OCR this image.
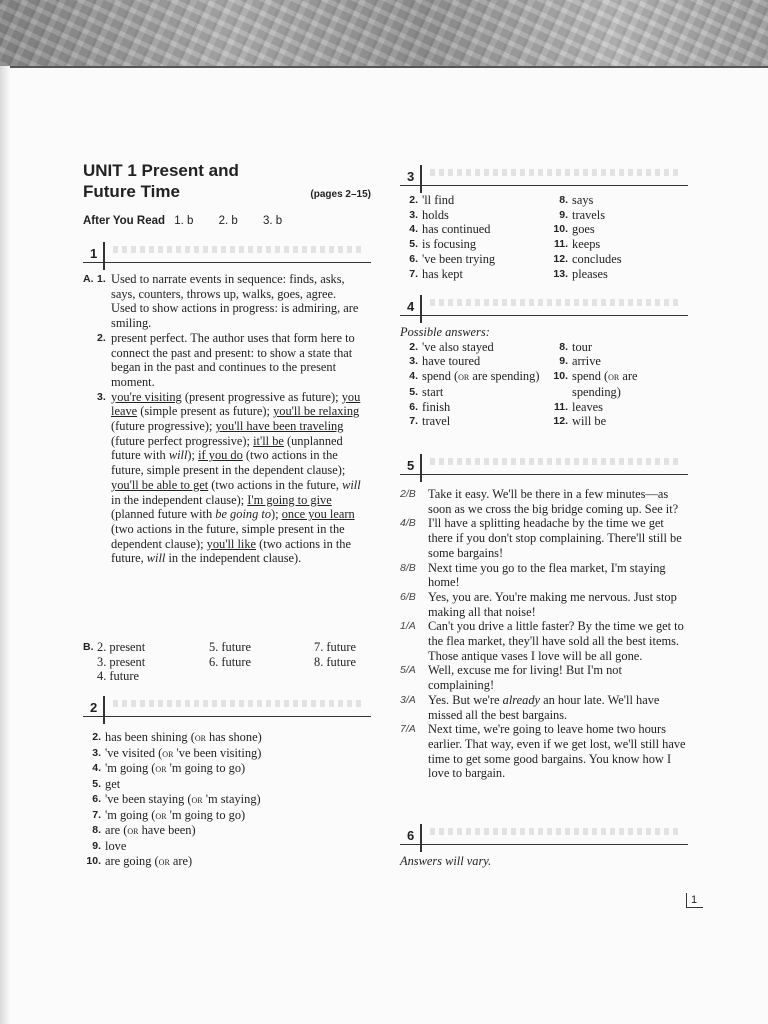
UNIT 1 Present and
Future Time	(pages 2–15)
After You Read 1. b 2. b 3. b
1
A. 1. Used to narrate events in sequence: finds, asks, says, counters, throws up, walks, goes, agree.
Used to show actions in progress: is admiring, are smiling.
2. present perfect. The author uses that form here to connect the past and present: to show a state that began in the past and continues to the present moment.
3. you're visiting (present progressive as future); you leave (simple present as future); you'll be relaxing (future progressive); you'll have been traveling (future perfect progressive); it'll be (unplanned future with will); if you do (two actions in the future, simple present in the dependent clause); you'll be able to get (two actions in the future, will in the independent clause); I'm going to give (planned future with be going to); once you learn (two actions in the future, simple present in the dependent clause); you'll like (two actions in the future, will in the independent clause).
B. 2. present	5. future	7. future
3. present	6. future	8. future
4. future
2
2. has been shining (or has shone)
3. 've visited (or 've been visiting)
4. 'm going (or 'm going to go)
5. get
6. 've been staying (or 'm staying)
7. 'm going (or 'm going to go)
8. are (or have been)
9. love
10. are going (or are)
3
2. 'll find
3. holds
4. has continued
5. is focusing
6. 've been trying
7. has kept
8. says
9. travels
10. goes
11. keeps
12. concludes
13. pleases
4
Possible answers:
2. 've also stayed
3. have toured
4. spend (or are spending)
5. start
6. finish
7. travel
8. tour
9. arrive
10. spend (or are spending)
11. leaves
12. will be
5
2/B Take it easy. We'll be there in a few minutes—as soon as we cross the big bridge coming up. See it?
4/B I'll have a splitting headache by the time we get there if you don't stop complaining. There'll still be some bargains!
8/B Next time you go to the flea market, I'm staying home!
6/B Yes, you are. You're making me nervous. Just stop making all that noise!
1/A Can't you drive a little faster? By the time we get to the flea market, they'll have sold all the best items. Those antique vases I love will be all gone.
5/A Well, excuse me for living! But I'm not complaining!
3/A Yes. But we're already an hour late. We'll have missed all the best bargains.
7/A Next time, we're going to leave home two hours earlier. That way, even if we get lost, we'll still have time to get some good bargains. You know how I love to bargain.
6
Answers will vary.
1
